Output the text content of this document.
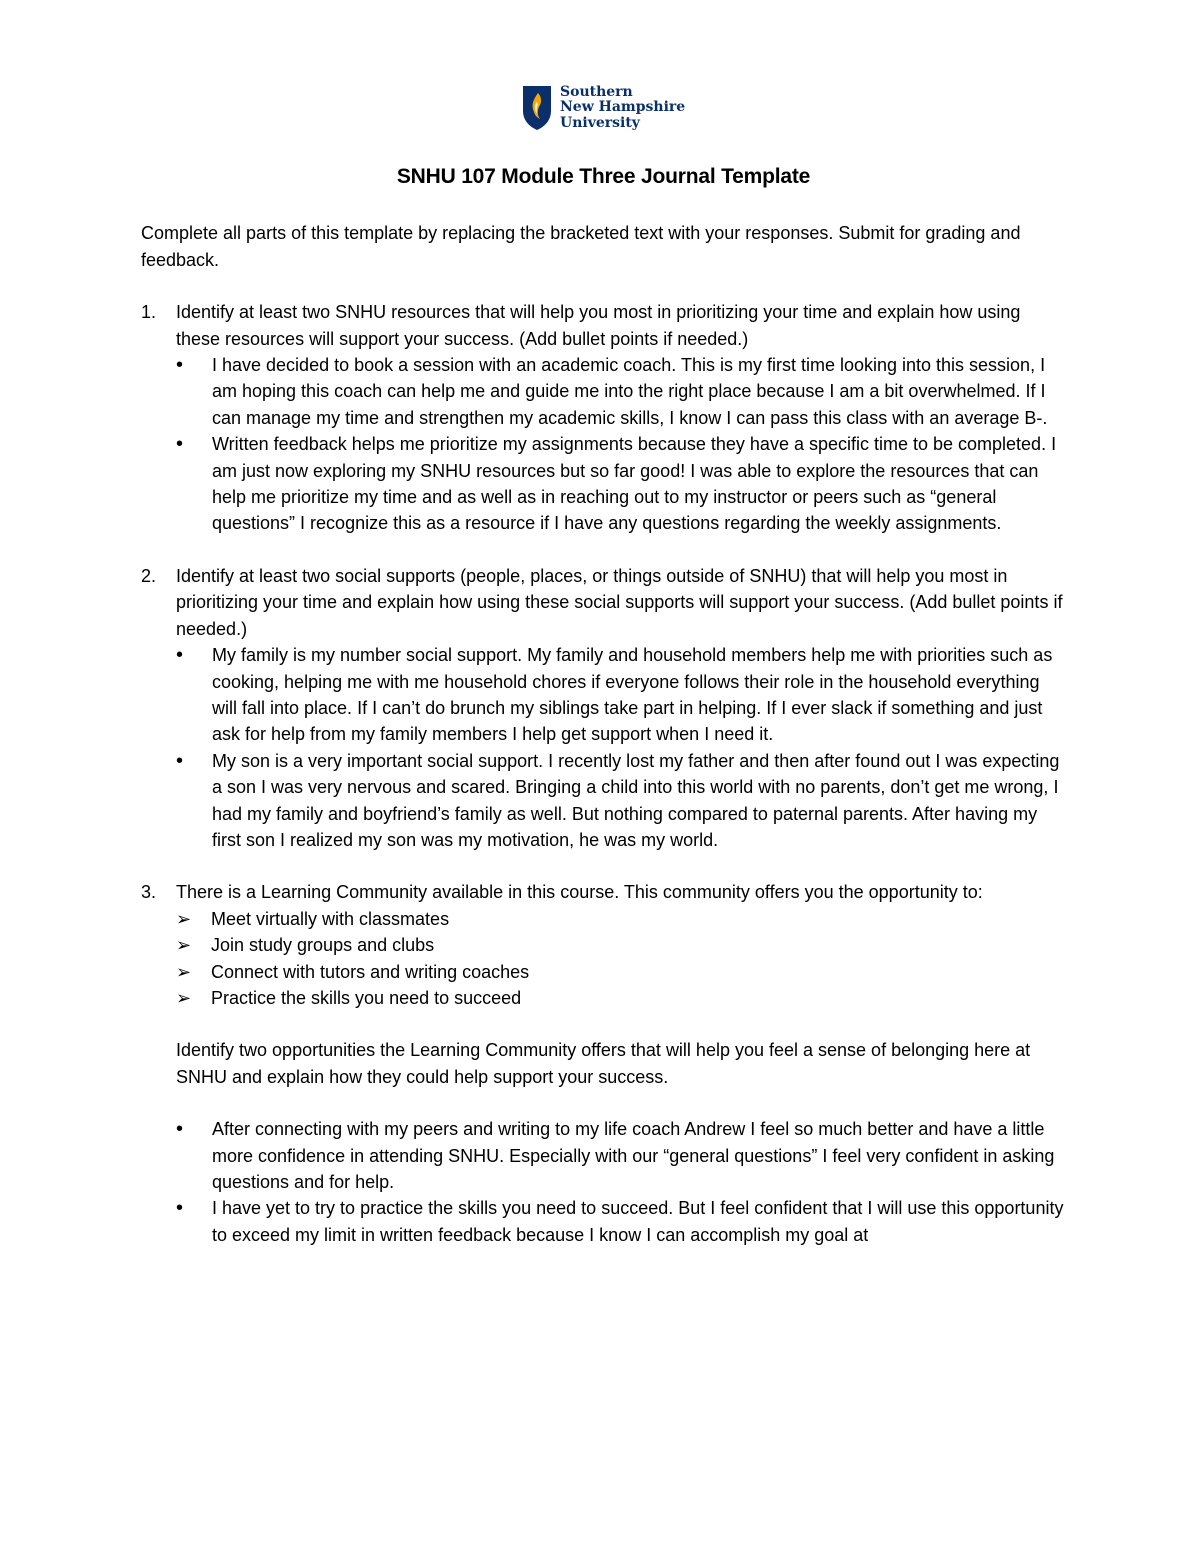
Southern
New Hampshire
University

SNHU 107 Module Three Journal Template

Complete all parts of this template by replacing the bracketed text with your responses. Submit for grading and feedback.

1. Identify at least two SNHU resources that will help you most in prioritizing your time and explain how using these resources will support your success. (Add bullet points if needed.)

• I have decided to book a session with an academic coach. This is my first time looking into this session, I am hoping this coach can help me and guide me into the right place because I am a bit overwhelmed. If I can manage my time and strengthen my academic skills, I know I can pass this class with an average B-.
• Written feedback helps me prioritize my assignments because they have a specific time to be completed. I am just now exploring my SNHU resources but so far good! I was able to explore the resources that can help me prioritize my time and as well as in reaching out to my instructor or peers such as “general questions” I recognize this as a resource if I have any questions regarding the weekly assignments.
2. Identify at least two social supports (people, places, or things outside of SNHU) that will help you most in prioritizing your time and explain how using these social supports will support your success. (Add bullet points if needed.)

• My family is my number social support. My family and household members help me with priorities such as cooking, helping me with me household chores if everyone follows their role in the household everything will fall into place. If I can’t do brunch my siblings take part in helping. If I ever slack if something and just ask for help from my family members I help get support when I need it.
• My son is a very important social support. I recently lost my father and then after found out I was expecting a son I was very nervous and scared. Bringing a child into this world with no parents, don’t get me wrong, I had my family and boyfriend’s family as well. But nothing compared to paternal parents. After having my first son I realized my son was my motivation, he was my world.
3. There is a Learning Community available in this course. This community offers you the opportunity to:

➢ Meet virtually with classmates
➢ Join study groups and clubs
➢ Connect with tutors and writing coaches
➢ Practice the skills you need to succeed

Identify two opportunities the Learning Community offers that will help you feel a sense of belonging here at SNHU and explain how they could help support your success.

• After connecting with my peers and writing to my life coach Andrew I feel so much better and have a little more confidence in attending SNHU. Especially with our “general questions” I feel very confident in asking questions and for help.
• I have yet to try to practice the skills you need to succeed. But I feel confident that I will use this opportunity to exceed my limit in written feedback because I know I can accomplish my goal at
